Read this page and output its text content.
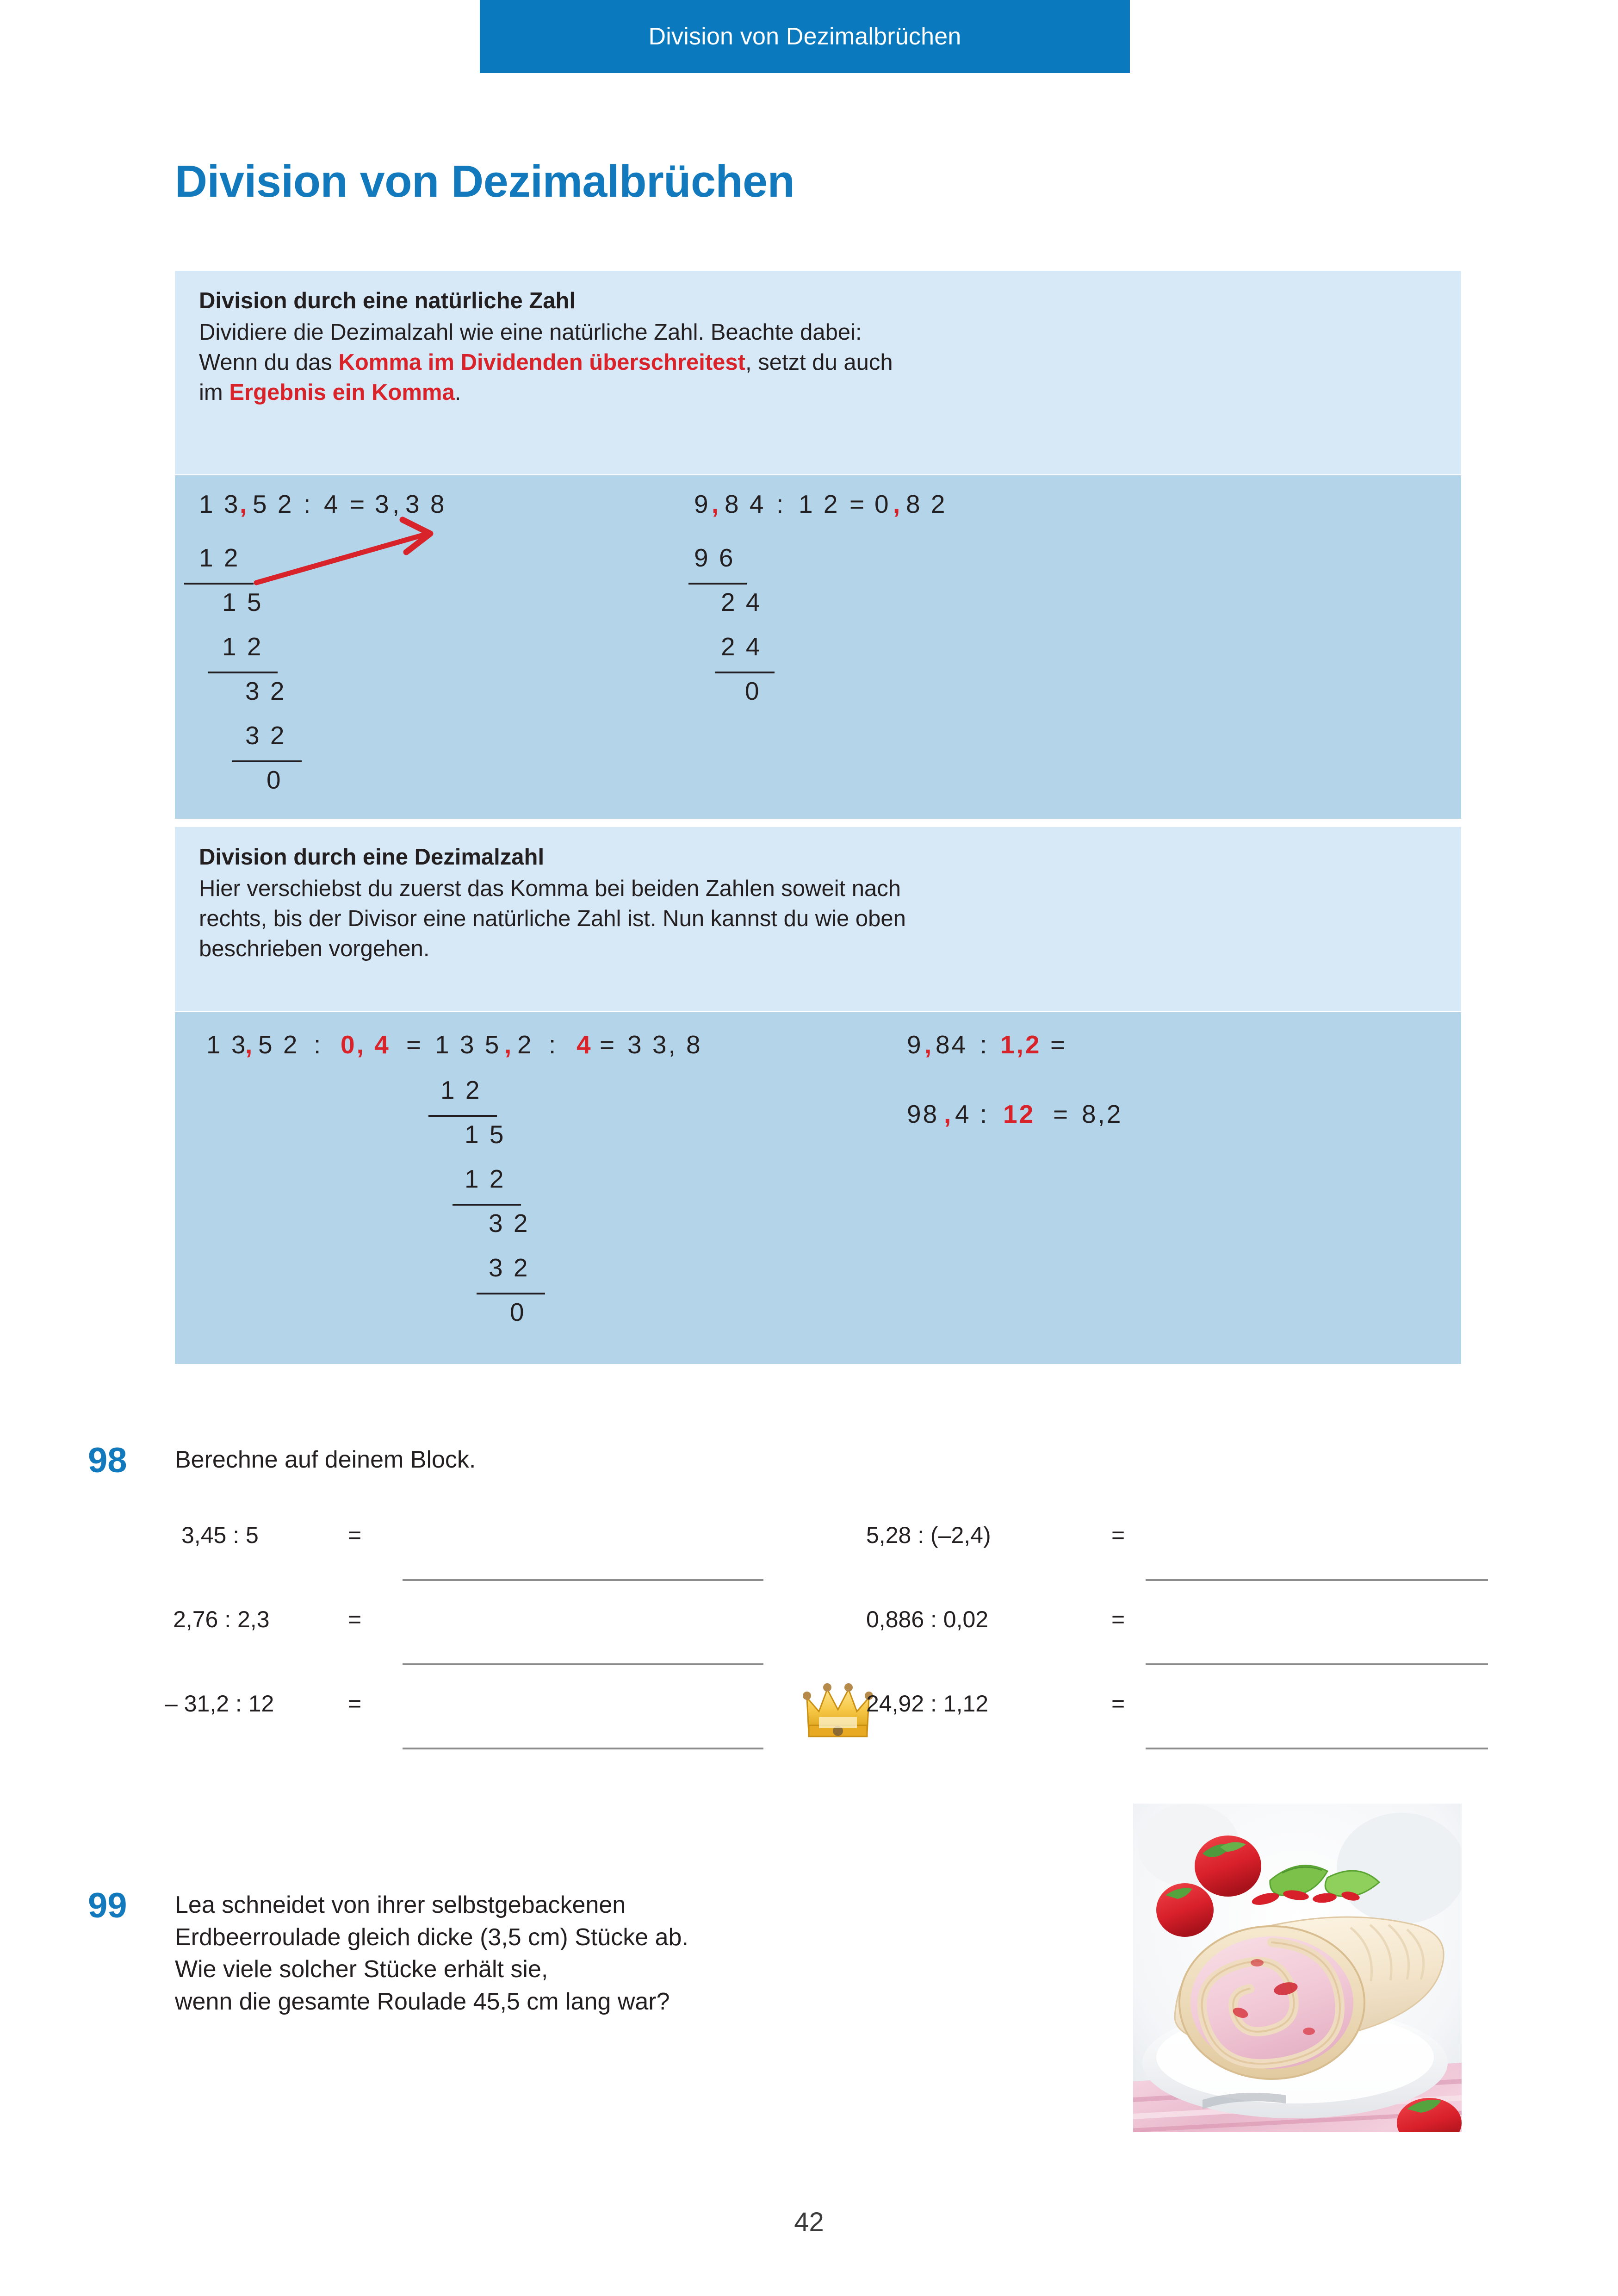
Division von Dezimalbrüchen
Division von Dezimalbrüchen
Division durch eine natürliche Zahl
Dividiere die Dezimalzahl wie eine natürliche Zahl. Beachte dabei:
Wenn du das Komma im Dividenden überschreitest, setzt du auch
im Ergebnis ein Komma.
1 3 , 5 2 : 4 = 3 , 3 8
1 2
1 5
1 2
3 2
3 2
0
9 , 8 4 : 1 2 = 0 , 8 2
9 6
2 4
2 4
0
Division durch eine Dezimalzahl
Hier verschiebst du zuerst das Komma bei beiden Zahlen soweit nach
rechts, bis der Divisor eine natürliche Zahl ist. Nun kannst du wie oben
beschrieben vorgehen.
1 3
, 5 2 : 0, 4 = 1 3 5 , 2 : 4 = 3 3, 8
1 2
1 5
1 2
3 2
3 2
0
9 , 84 : 1,2 =
98 , 4 : 12 = 8,2
98 Berechne auf deinem Block.
3,45 : 5	=
2,76 : 2,3	=
– 31,2 : 12	=
5,28 : (–2,4)	=
0,886 : 0,02	=
24,92 : 1,12	=
99 Lea schneidet von ihrer selbstgebackenen
Erdbeerroulade gleich dicke (3,5 cm) Stücke ab.
Wie viele solcher Stücke erhält sie,
wenn die gesamte Roulade 45,5 cm lang war?
42
